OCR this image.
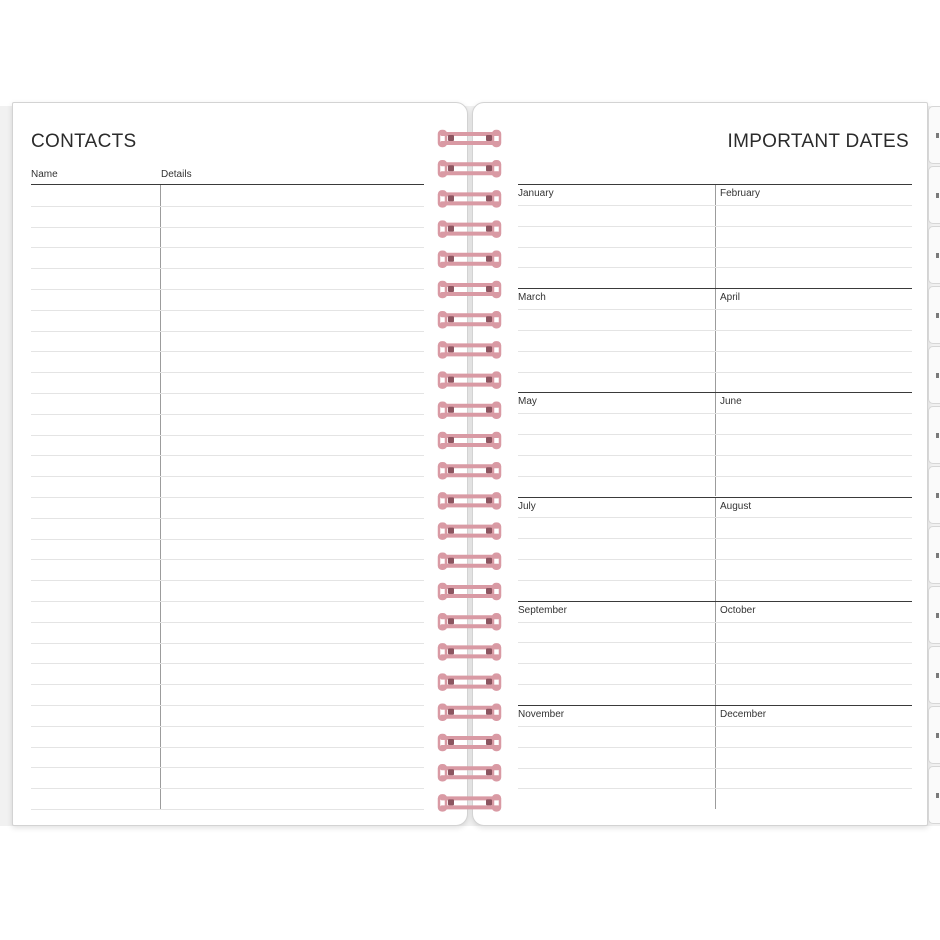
CONTACTS
Name	Details
IMPORTANT DATES
January	February
March	April
May	June
July	August
September	October
November	December
